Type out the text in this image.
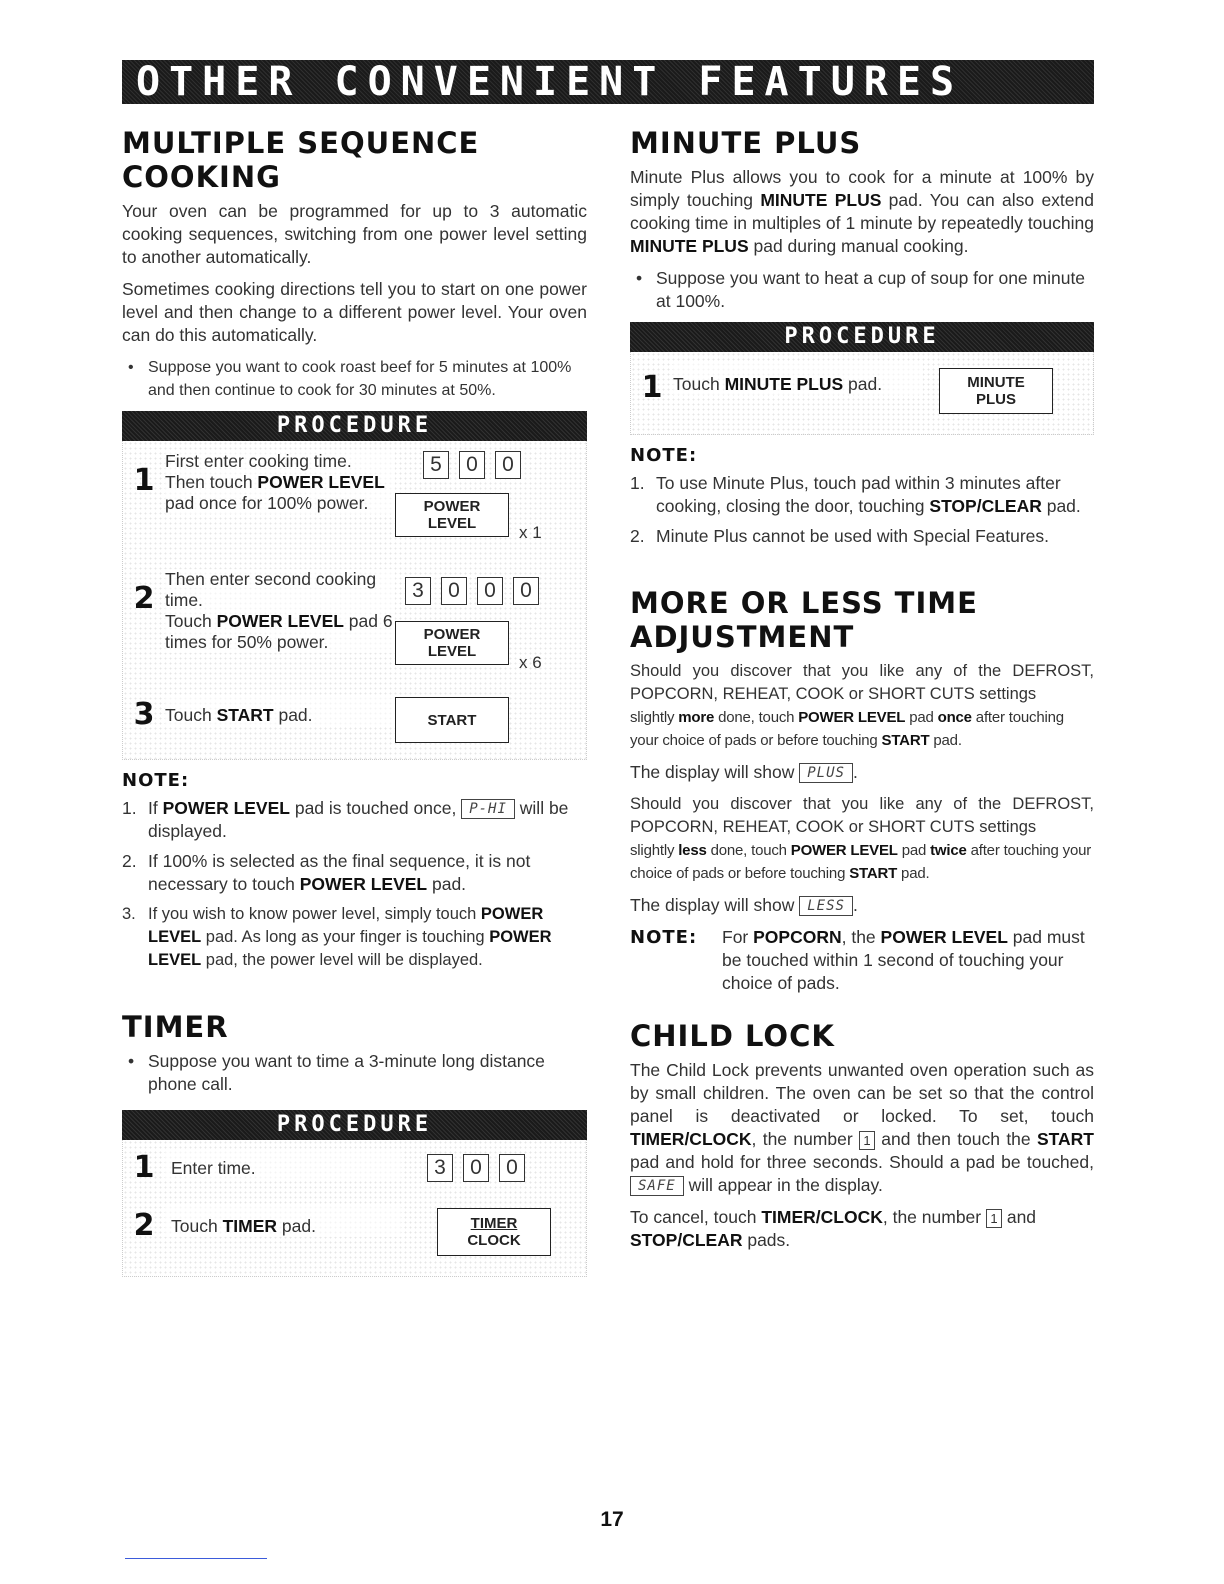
OTHER CONVENIENT FEATURES
MULTIPLE SEQUENCE
COOKING

Your oven can be programmed for up to 3 automatic cooking sequences, switching from one power level setting to another automatically.

Sometimes cooking directions tell you to start on one power level and then change to a different power level. Your oven can do this automatically.

• Suppose you want to cook roast beef for 5 minutes at 100% and then continue to cook for 30 minutes at 50%.
PROCEDURE
1
First enter cooking time.
Then touch POWER LEVEL pad once for 100% power.
5	0	0
POWER
LEVEL	x 1
2
Then enter second cooking time.
Touch POWER LEVEL pad 6 times for 50% power.
3	0	0	0
POWER
LEVEL
x 6
3 Touch START pad.	START
NOTE:
1. If POWER LEVEL pad is touched once, P-HI will be displayed.
2. If 100% is selected as the final sequence, it is not necessary to touch POWER LEVEL pad.
3. If you wish to know power level, simply touch POWER LEVEL pad. As long as your finger is touching POWER LEVEL pad, the power level will be displayed.
TIMER
• Suppose you want to time a 3-minute long distance phone call.
PROCEDURE
1 Enter time.	3	0	0
2 Touch TIMER pad.	TIMER
CLOCK
MINUTE PLUS

Minute Plus allows you to cook for a minute at 100% by simply touching MINUTE PLUS pad. You can also extend cooking time in multiples of 1 minute by repeatedly touching MINUTE PLUS pad during manual cooking.

• Suppose you want to heat a cup of soup for one minute at 100%.
PROCEDURE
1 Touch MINUTE PLUS pad.	MINUTE
PLUS
NOTE:
1. To use Minute Plus, touch pad within 3 minutes after cooking, closing the door, touching STOP/CLEAR pad.
2. Minute Plus cannot be used with Special Features.
MORE OR LESS TIME
ADJUSTMENT

Should you discover that you like any of the DEFROST, POPCORN, REHEAT, COOK or SHORT CUTS settings

slightly more done, touch POWER LEVEL pad once after touching your choice of pads or before touching START pad.

The display will show PLUS .

Should you discover that you like any of the DEFROST, POPCORN, REHEAT, COOK or SHORT CUTS settings

slightly less done, touch POWER LEVEL pad twice after touching your choice of pads or before touching START pad.

The display will show LESS .

NOTE:	For POPCORN, the POWER LEVEL pad must be touched within 1 second of touching your choice of pads.
CHILD LOCK

The Child Lock prevents unwanted oven operation such as by small children. The oven can be set so that the control panel is deactivated or locked. To set, touch TIMER/CLOCK, the number 1 and then touch the START pad and hold for three seconds. Should a pad be touched, SAFE will appear in the display.

To cancel, touch TIMER/CLOCK, the number 1 and STOP/CLEAR pads.

17
